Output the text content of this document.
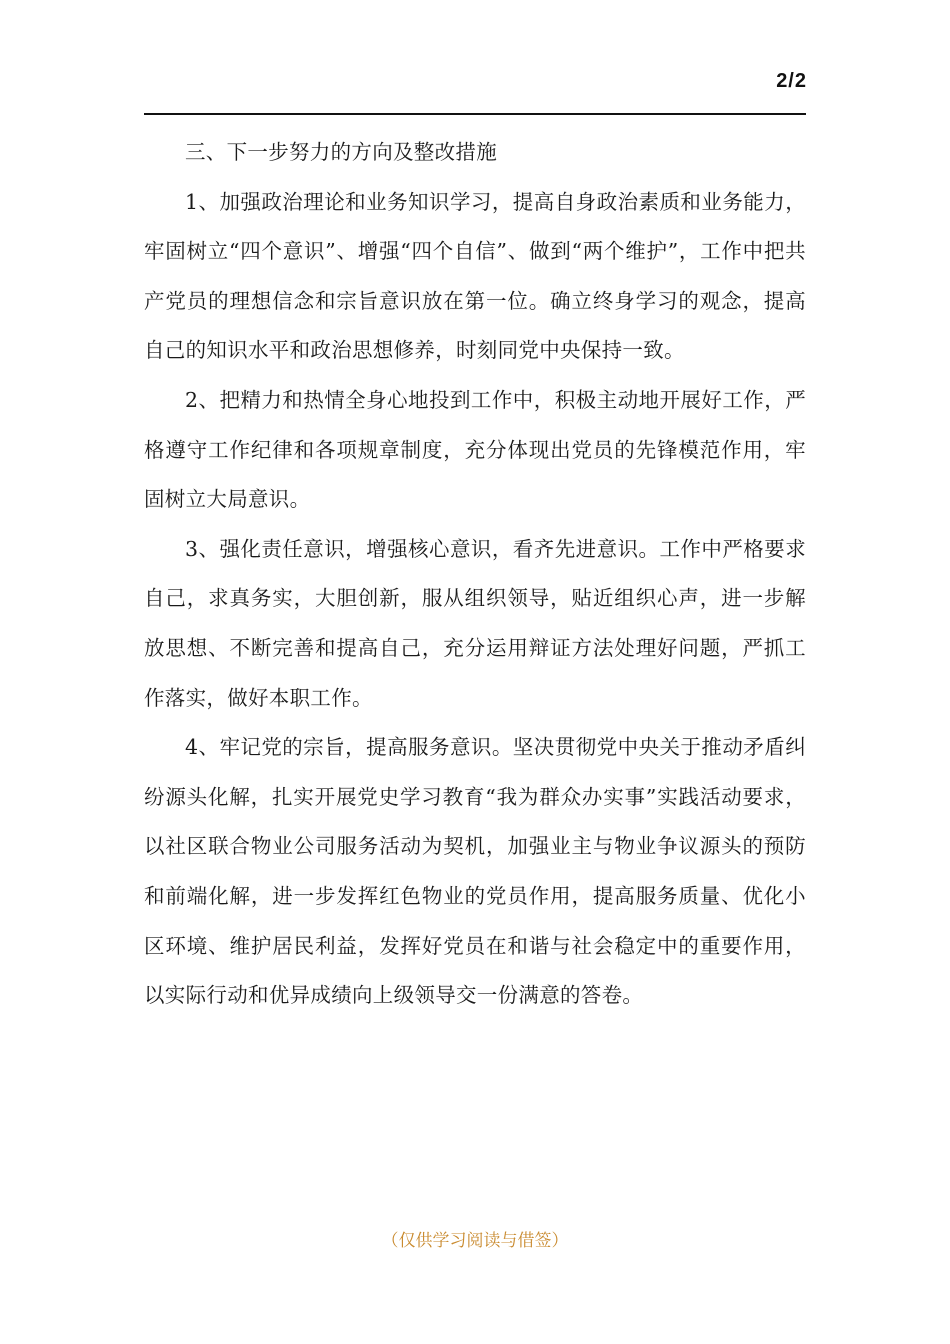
2/2

三、下一步努力的方向及整改措施

1、加强政治理论和业务知识学习，提高自身政治素质和业务能力，牢固树立“四个意识”、增强“四个自信”、做到“两个维护”，工作中把共产党员的理想信念和宗旨意识放在第一位。确立终身学习的观念，提高自己的知识水平和政治思想修养，时刻同党中央保持一致。

2、把精力和热情全身心地投到工作中，积极主动地开展好工作，严格遵守工作纪律和各项规章制度，充分体现出党员的先锋模范作用，牢固树立大局意识。

3、强化责任意识，增强核心意识，看齐先进意识。工作中严格要求自己，求真务实，大胆创新，服从组织领导，贴近组织心声，进一步解放思想、不断完善和提高自己，充分运用辩证方法处理好问题，严抓工作落实，做好本职工作。

4、牢记党的宗旨，提高服务意识。坚决贯彻党中央关于推动矛盾纠纷源头化解，扎实开展党史学习教育“我为群众办实事”实践活动要求，以社区联合物业公司服务活动为契机，加强业主与物业争议源头的预防和前端化解，进一步发挥红色物业的党员作用，提高服务质量、优化小区环境、维护居民利益，发挥好党员在和谐与社会稳定中的重要作用，以实际行动和优异成绩向上级领导交一份满意的答卷。

（仅供学习阅读与借签）
